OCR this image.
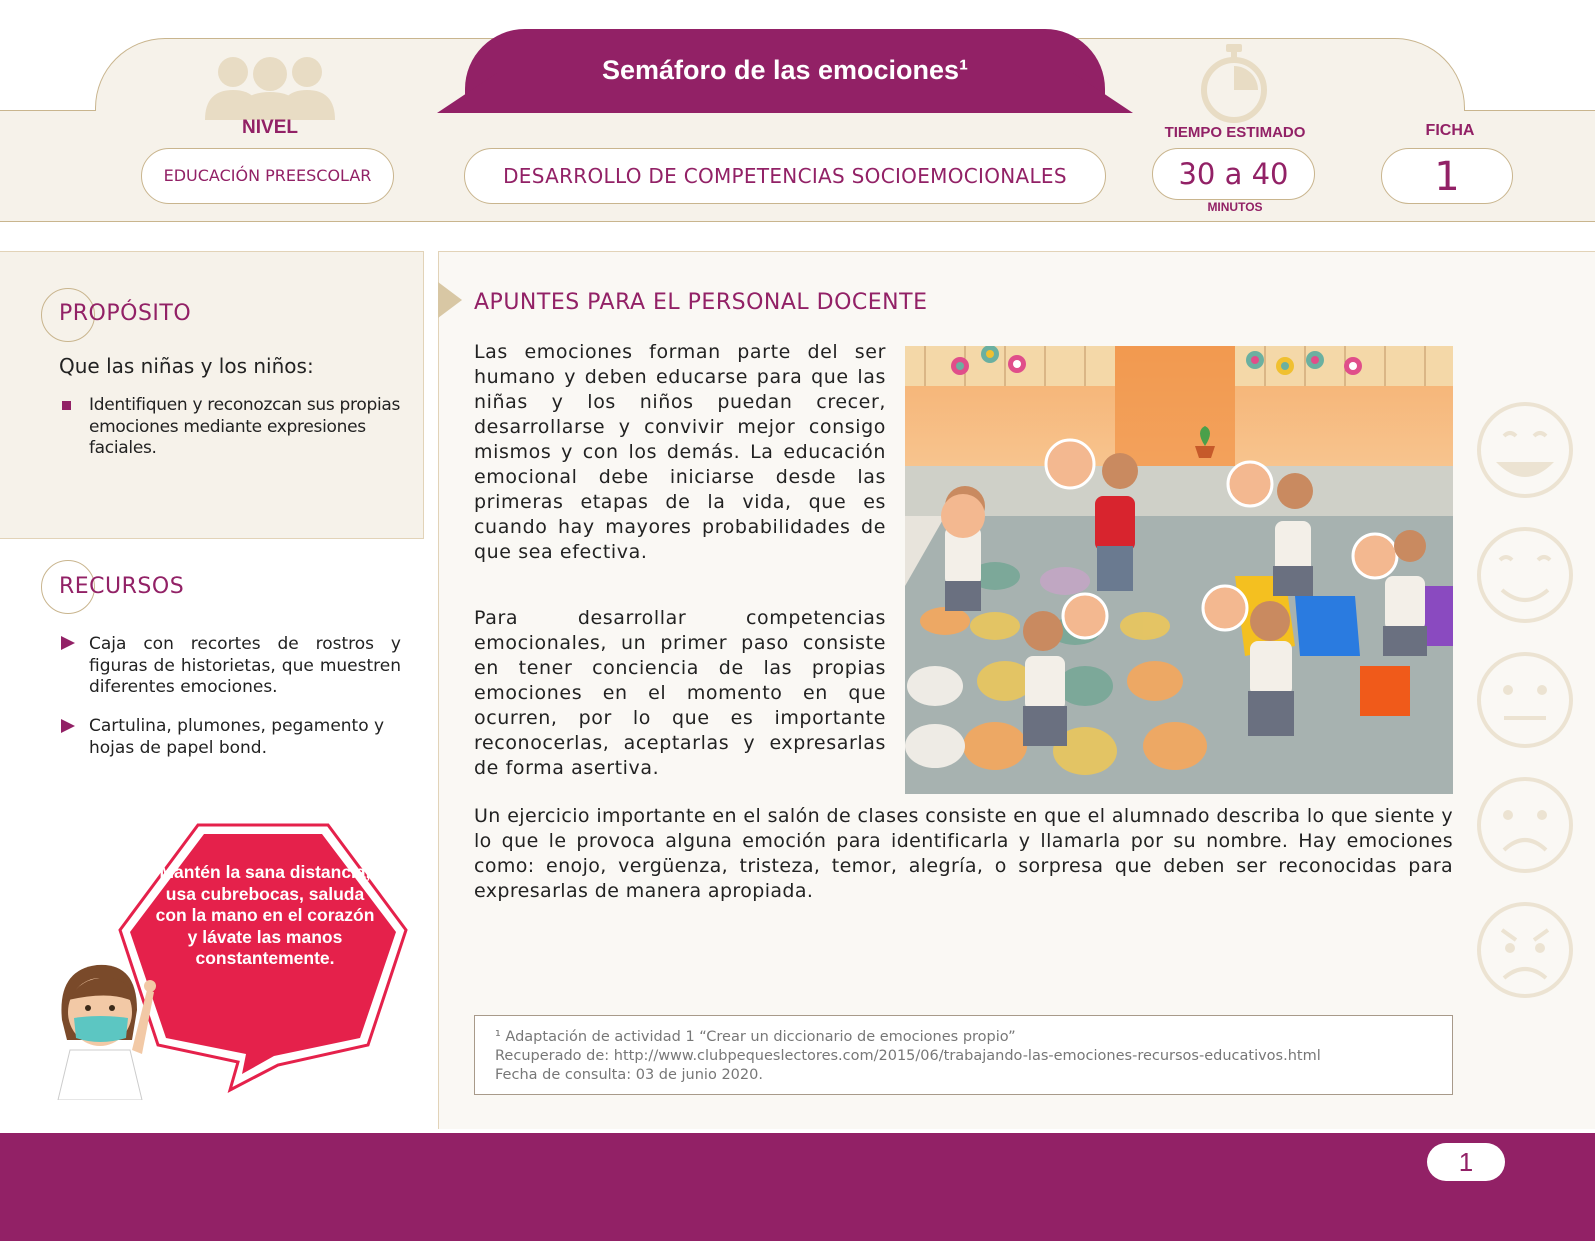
Semáforo de las emociones¹
NIVEL	TIEMPO ESTIMADO	FICHA
EDUCACIÓN PREESCOLAR	DESARROLLO DE COMPETENCIAS SOCIOEMOCIONALES	30 a 40
MINUTOS
1
PROPÓSITO
Que las niñas y los niños:
Identifiquen y reconozcan sus propias emociones mediante expresiones faciales.
RECURSOS
Caja con recortes de rostros y figuras de historietas, que muestren diferentes emociones.
Cartulina, plumones, pegamento y hojas de papel bond.
Mantén la sana distancia, usa cubrebocas, saluda con la mano en el corazón y lávate las manos constantemente.
APUNTES PARA EL PERSONAL DOCENTE
Las emociones forman parte del ser humano y deben educarse para que las niñas y los niños puedan crecer, desarrollarse y convivir mejor consigo mismos y con los demás. La educación emocional debe iniciarse desde las primeras etapas de la vida, que es cuando hay mayores probabilidades de que sea efectiva.
Para desarrollar competencias emocionales, un primer paso consiste en tener conciencia de las propias emociones en el momento en que ocurren, por lo que es importante reconocerlas, aceptarlas y expresarlas de forma asertiva.
Un ejercicio importante en el salón de clases consiste en que el alumnado describa lo que siente y lo que le provoca alguna emoción para identificarla y llamarla por su nombre. Hay emociones como: enojo, vergüenza, tristeza, temor, alegría, o sorpresa que deben ser reconocidas para expresarlas de manera apropiada.
¹ Adaptación de actividad 1 “Crear un diccionario de emociones propio”
Recuperado de: http://www.clubpequeslectores.com/2015/06/trabajando-las-emociones-recursos-educativos.html
Fecha de consulta: 03 de junio 2020.
1
